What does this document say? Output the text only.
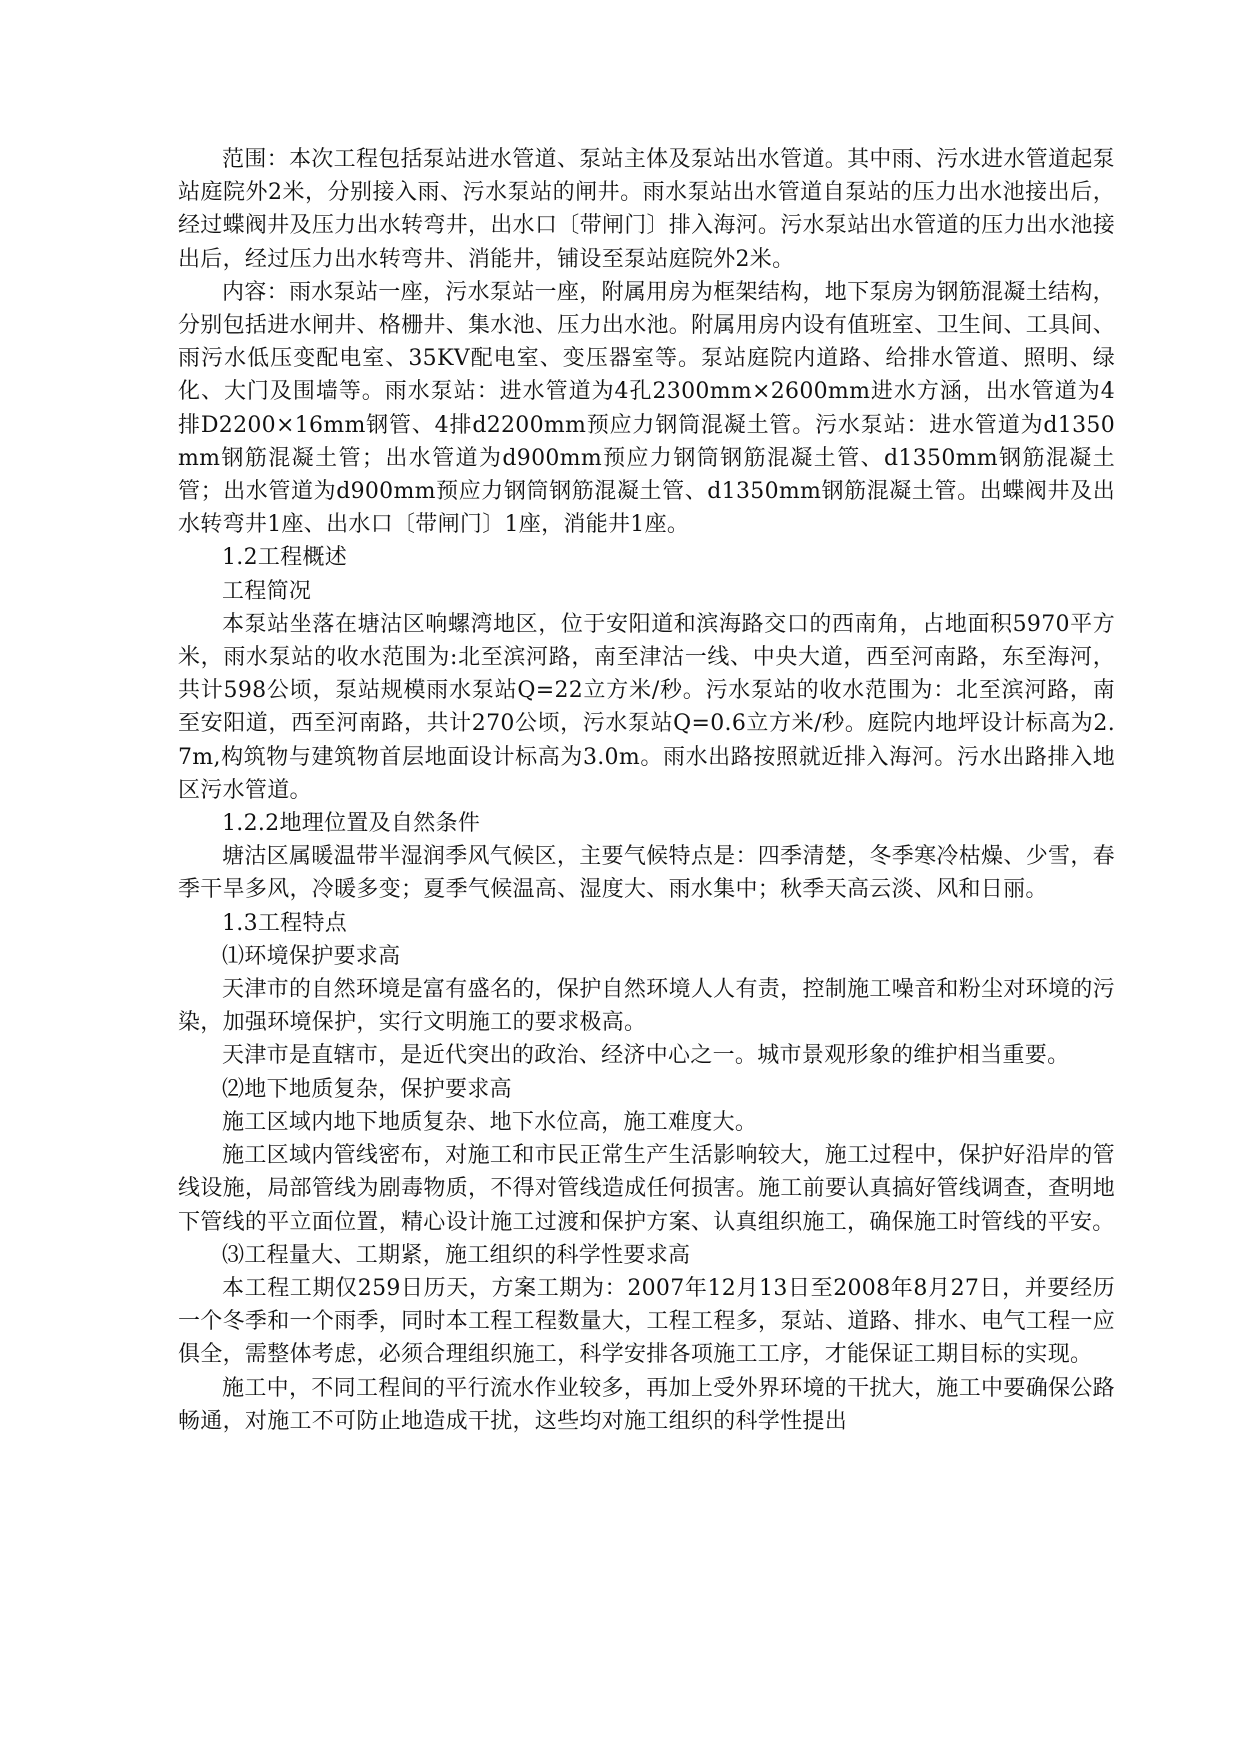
范围：本次工程包括泵站进水管道、泵站主体及泵站出水管道。其中雨、污水进水管道起泵站庭院外2米，分别接入雨、污水泵站的闸井。雨水泵站出水管道自泵站的压力出水池接出后，经过蝶阀井及压力出水转弯井，出水口〔带闸门〕排入海河。污水泵站出水管道的压力出水池接出后，经过压力出水转弯井、消能井，铺设至泵站庭院外2米。

内容：雨水泵站一座，污水泵站一座，附属用房为框架结构，地下泵房为钢筋混凝土结构，分别包括进水闸井、格栅井、集水池、压力出水池。附属用房内设有值班室、卫生间、工具间、雨污水低压变配电室、35KV配电室、变压器室等。泵站庭院内道路、给排水管道、照明、绿化、大门及围墙等。雨水泵站：进水管道为4孔2300mm×2600mm进水方涵，出水管道为4排D2200×16mm钢管、4排d2200mm预应力钢筒混凝土管。污水泵站：进水管道为d1350mm钢筋混凝土管；出水管道为d900mm预应力钢筒钢筋混凝土管、d1350mm钢筋混凝土管；出水管道为d900mm预应力钢筒钢筋混凝土管、d1350mm钢筋混凝土管。出蝶阀井及出水转弯井1座、出水口〔带闸门〕1座，消能井1座。

1.2工程概述

工程简况

本泵站坐落在塘沽区响螺湾地区，位于安阳道和滨海路交口的西南角，占地面积5970平方米，雨水泵站的收水范围为:北至滨河路，南至津沽一线、中央大道，西至河南路，东至海河，共计598公顷，泵站规模雨水泵站Q=22立方米/秒。污水泵站的收水范围为：北至滨河路，南至安阳道，西至河南路，共计270公顷，污水泵站Q=0.6立方米/秒。庭院内地坪设计标高为2.7m,构筑物与建筑物首层地面设计标高为3.0m。雨水出路按照就近排入海河。污水出路排入地区污水管道。

1.2.2地理位置及自然条件

塘沽区属暖温带半湿润季风气候区，主要气候特点是：四季清楚，冬季寒冷枯燥、少雪，春季干旱多风，冷暖多变；夏季气候温高、湿度大、雨水集中；秋季天高云淡、风和日丽。

1.3工程特点

⑴环境保护要求高

天津市的自然环境是富有盛名的，保护自然环境人人有责，控制施工噪音和粉尘对环境的污染，加强环境保护，实行文明施工的要求极高。

天津市是直辖市，是近代突出的政治、经济中心之一。城市景观形象的维护相当重要。

⑵地下地质复杂，保护要求高

施工区域内地下地质复杂、地下水位高，施工难度大。

施工区域内管线密布，对施工和市民正常生产生活影响较大，施工过程中，保护好沿岸的管线设施，局部管线为剧毒物质，不得对管线造成任何损害。施工前要认真搞好管线调查，查明地下管线的平立面位置，精心设计施工过渡和保护方案、认真组织施工，确保施工时管线的平安。

⑶工程量大、工期紧，施工组织的科学性要求高

本工程工期仅259日历天，方案工期为：2007年12月13日至2008年8月27日，并要经历一个冬季和一个雨季，同时本工程工程数量大，工程工程多，泵站、道路、排水、电气工程一应俱全，需整体考虑，必须合理组织施工，科学安排各项施工工序，才能保证工期目标的实现。

施工中，不同工程间的平行流水作业较多，再加上受外界环境的干扰大，施工中要确保公路畅通，对施工不可防止地造成干扰，这些均对施工组织的科学性提出
